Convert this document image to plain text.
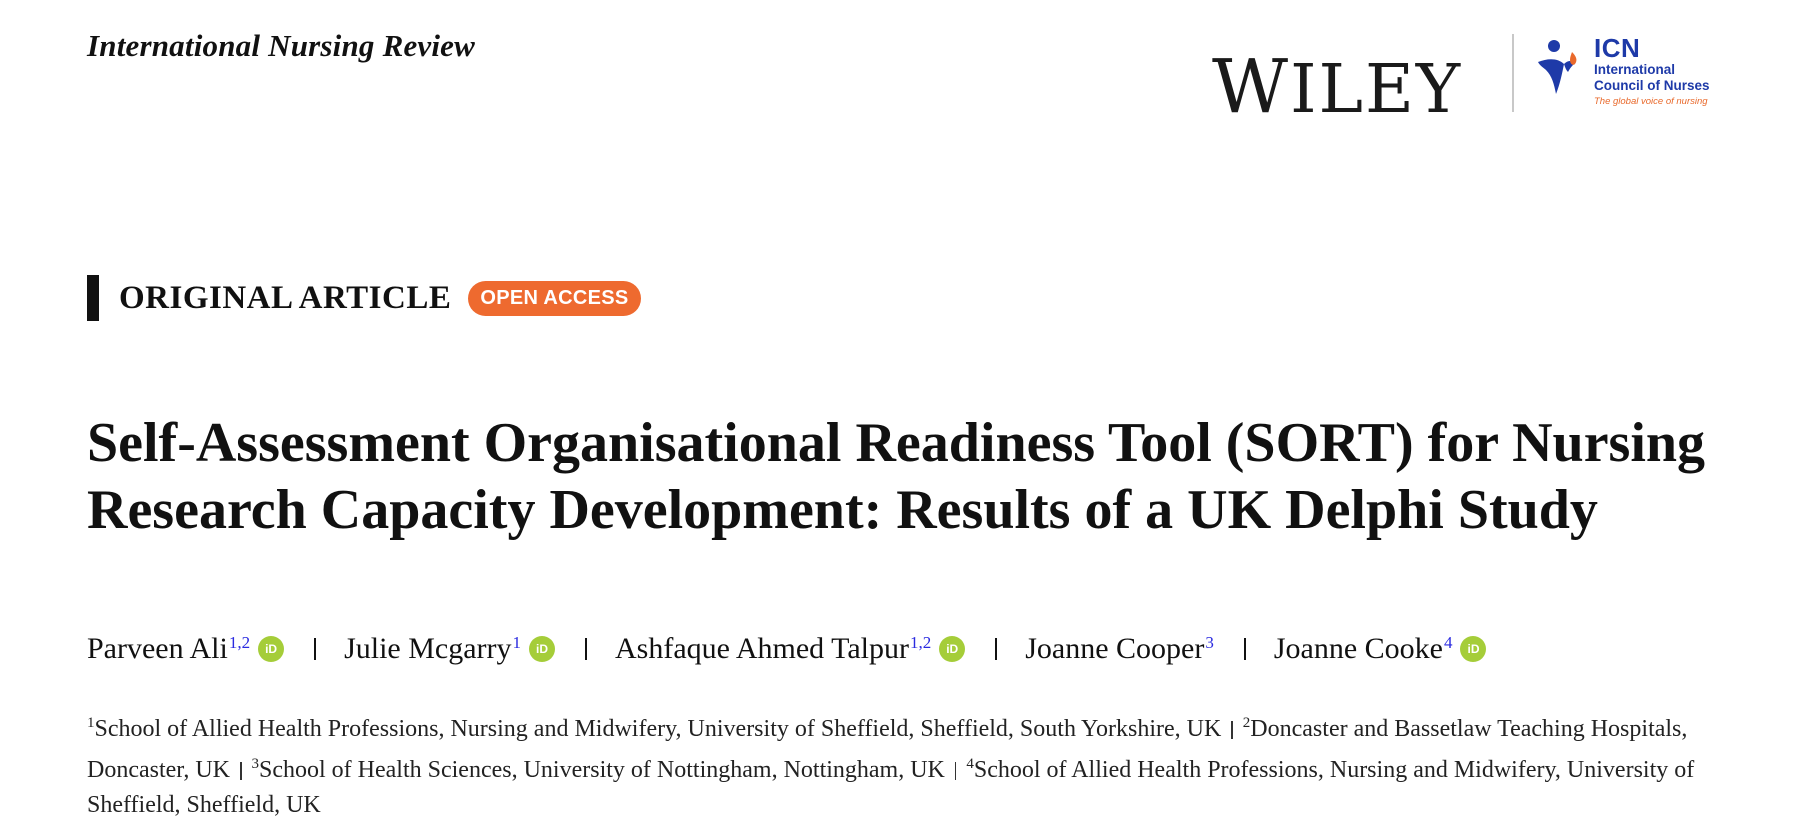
International Nursing Review	WILEY
ICN
International
Council of Nurses
The global voice of nursing
ORIGINAL ARTICLE	OPEN ACCESS
Self-Assessment Organisational Readiness Tool (SORT) for Nursing Research Capacity Development: Results of a UK Delphi Study
Parveen Ali$^{1,2}$	iD Julie Mcgarry$^1$	iD Ashfaque Ahmed Talpur$^{1,2}$	iD Joanne Cooper$^3$ Joanne Cooke$^4$	iD
$^1$School of Allied Health Professions, Nursing and Midwifery, University of Sheffield, Sheffield, South Yorkshire, UK $^2$Doncaster and Bassetlaw Teaching Hospitals, Doncaster, UK $^3$School of Health Sciences, University of Nottingham, Nottingham, UK $^4$School of Allied Health Professions, Nursing and Midwifery, University of Sheffield, Sheffield, UK
